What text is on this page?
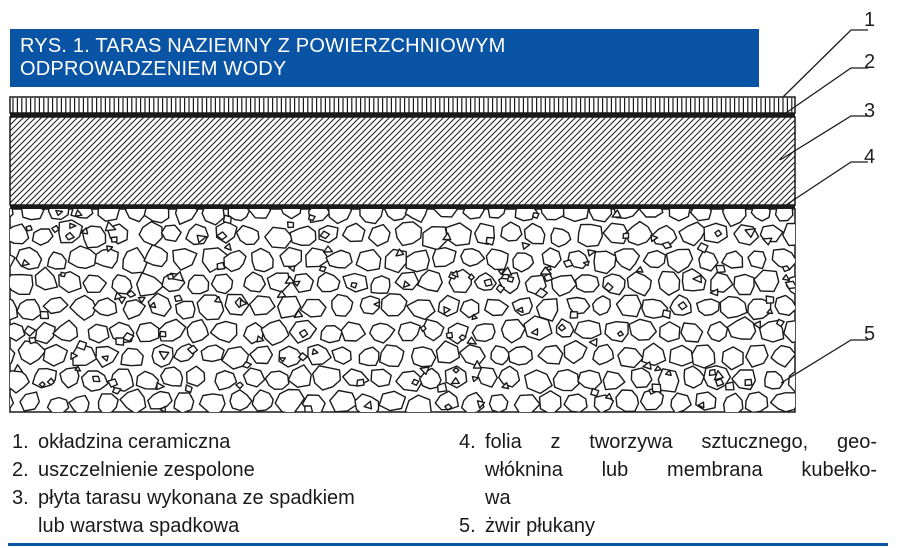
RYS. 1. TARAS NAZIEMNY Z POWIERZCHNIOWYM
ODPROWADZENIEM WODY
1
2
3
4
5
1. okładzina ceramiczna
2. uszczelnienie zespolone
3. płyta tarasu wykonana ze spadkiem
lub warstwa spadkowa
4. folia z tworzywa sztucznego, geo-
włóknina lub membrana kubełko-
wa
5. żwir płukany
